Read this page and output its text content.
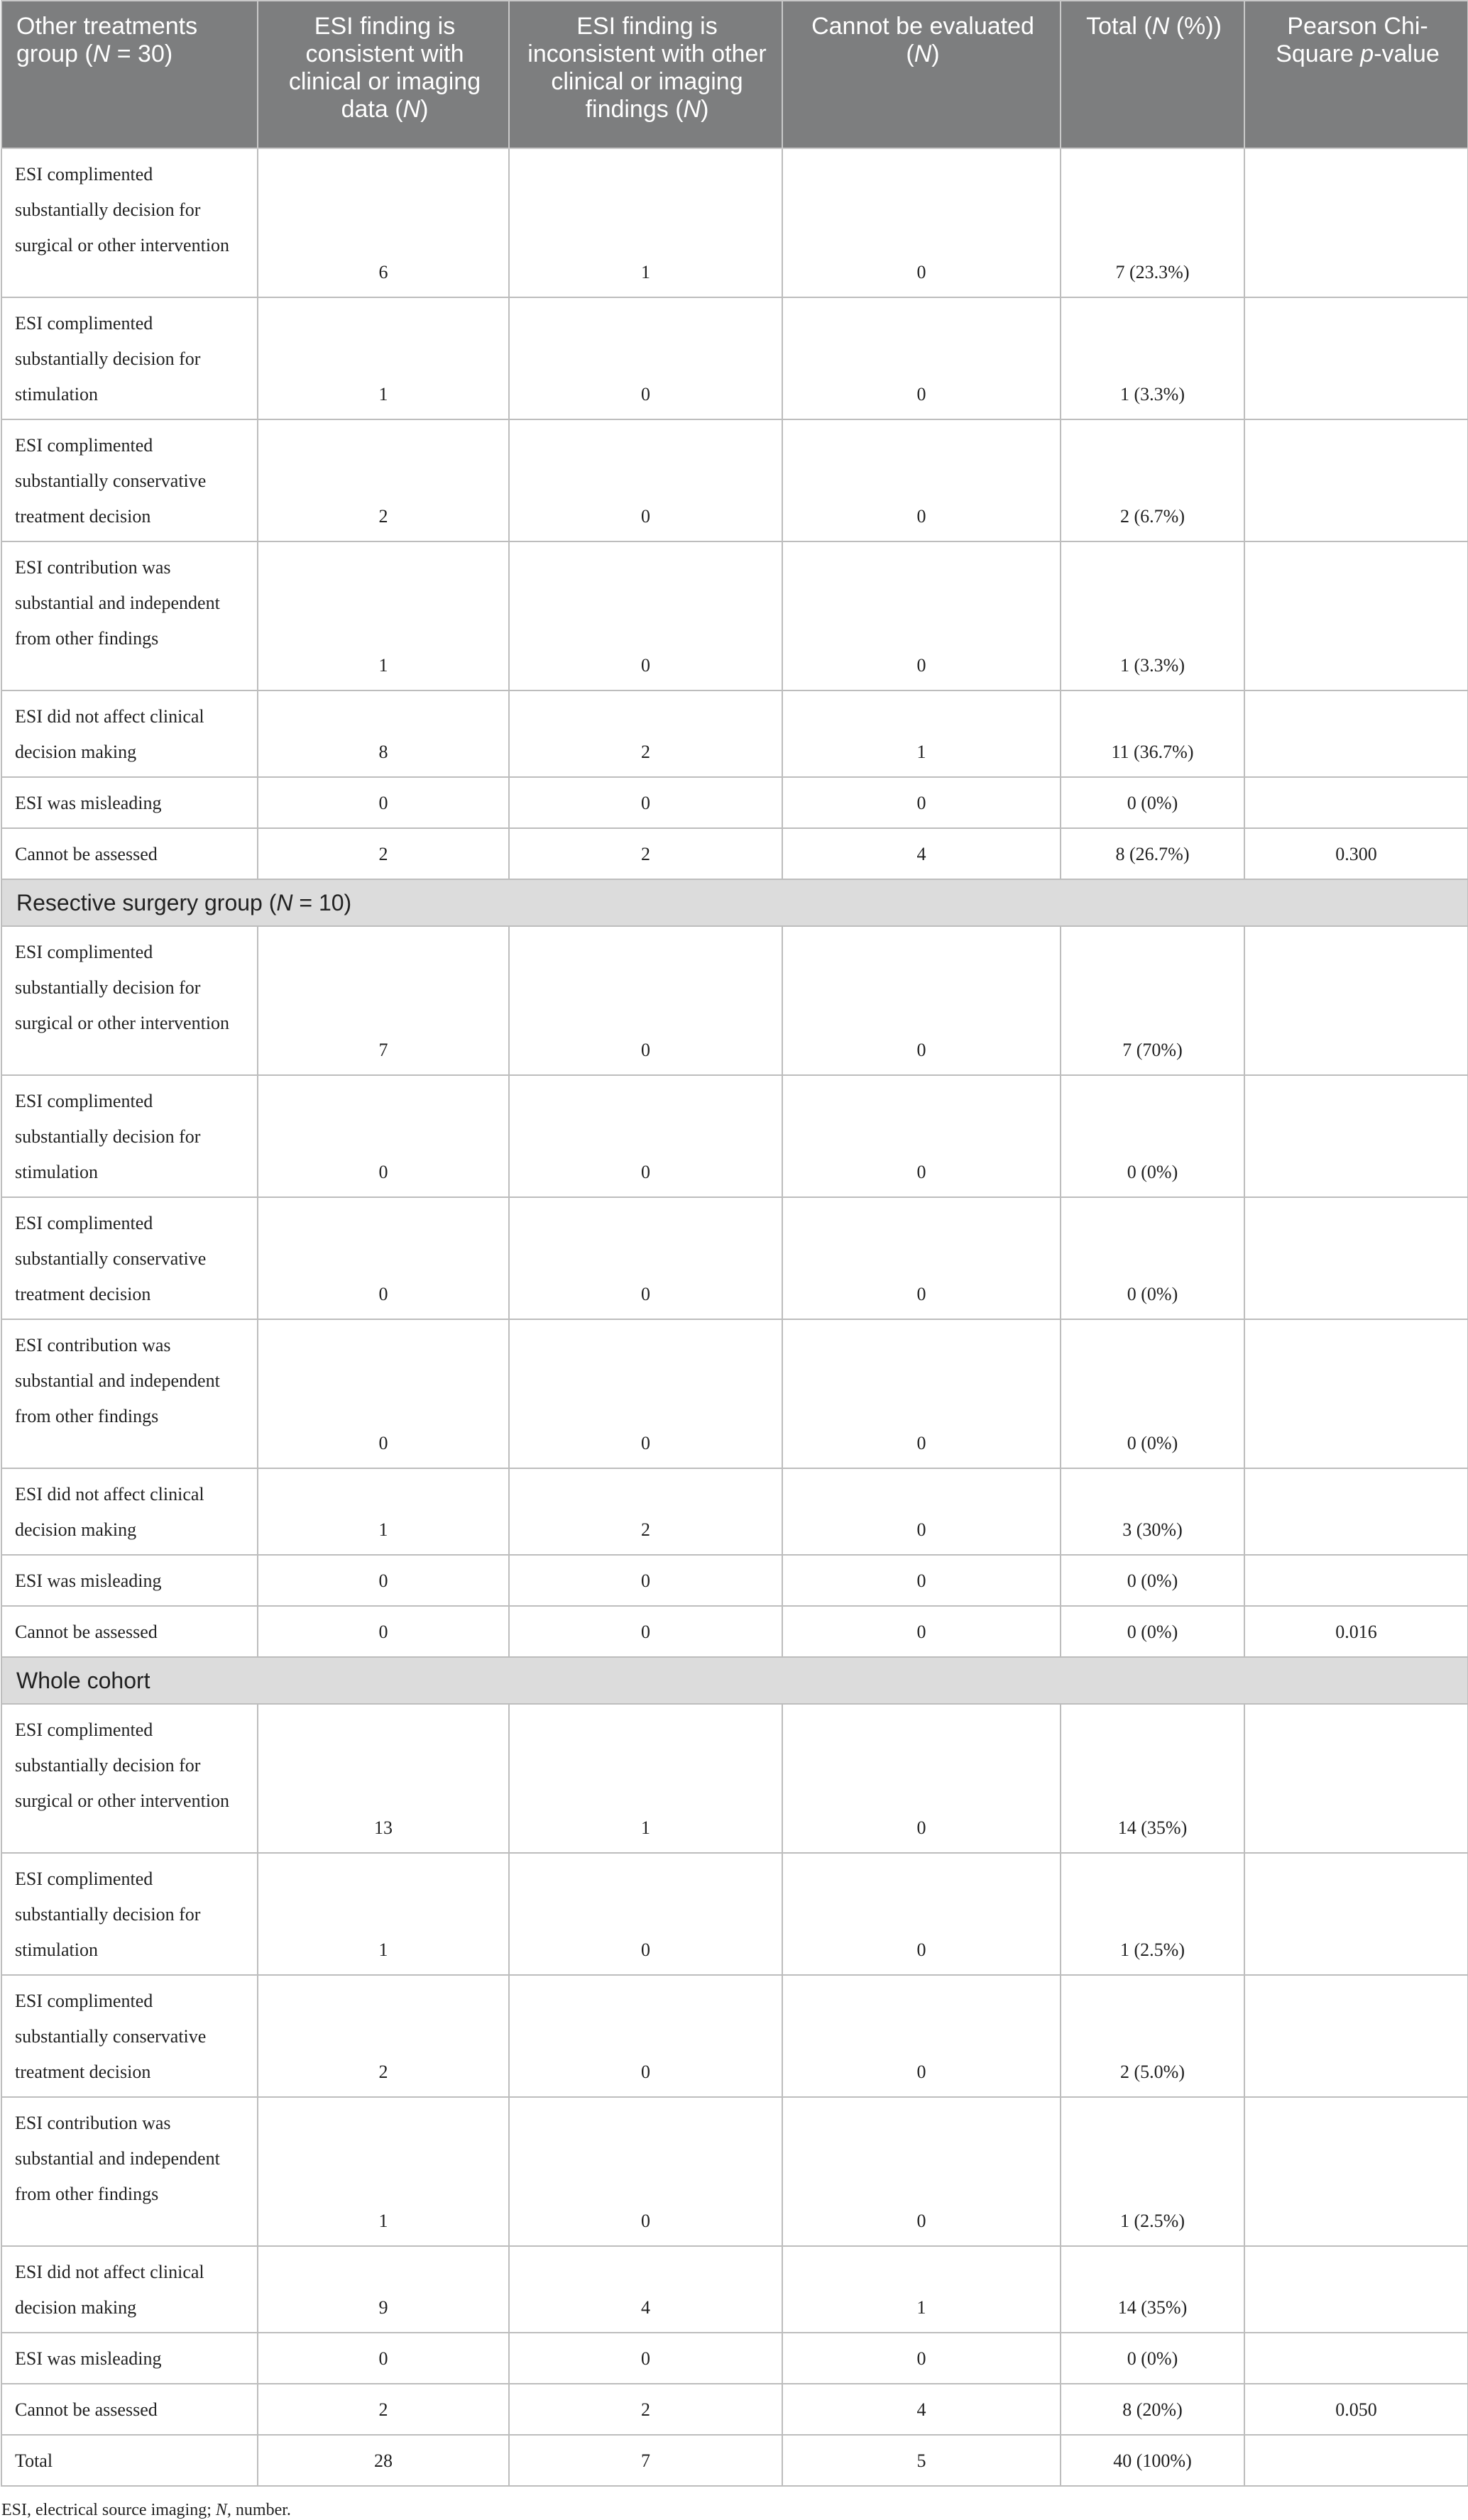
Other treatments group (N = 30)	ESI finding is consistent with clinical or imaging data (N)	ESI finding is inconsistent with other clinical or imaging findings (N)	Cannot be evaluated (N)	Total (N (%))	Pearson Chi-Square p-value
ESI complimented substantially decision for surgical or other intervention	6	1	0	7 (23.3%)	
ESI complimented substantially decision for stimulation	1	0	0	1 (3.3%)	
ESI complimented substantially conservative treatment decision	2	0	0	2 (6.7%)	
ESI contribution was substantial and independent from other findings	1	0	0	1 (3.3%)	
ESI did not affect clinical decision making	8	2	1	11 (36.7%)	
ESI was misleading	0	0	0	0 (0%)	
Cannot be assessed	2	2	4	8 (26.7%)	0.300
Resective surgery group (N = 10)					
ESI complimented substantially decision for surgical or other intervention	7	0	0	7 (70%)	
ESI complimented substantially decision for stimulation	0	0	0	0 (0%)	
ESI complimented substantially conservative treatment decision	0	0	0	0 (0%)	
ESI contribution was substantial and independent from other findings	0	0	0	0 (0%)	
ESI did not affect clinical decision making	1	2	0	3 (30%)	
ESI was misleading	0	0	0	0 (0%)	
Cannot be assessed	0	0	0	0 (0%)	0.016
Whole cohort					
ESI complimented substantially decision for surgical or other intervention	13	1	0	14 (35%)	
ESI complimented substantially decision for stimulation	1	0	0	1 (2.5%)	
ESI complimented substantially conservative treatment decision	2	0	0	2 (5.0%)	
ESI contribution was substantial and independent from other findings	1	0	0	1 (2.5%)	
ESI did not affect clinical decision making	9	4	1	14 (35%)	
ESI was misleading	0	0	0	0 (0%)	
Cannot be assessed	2	2	4	8 (20%)	0.050
Total	28	7	5	40 (100%)	
ESI, electrical source imaging; N, number.
